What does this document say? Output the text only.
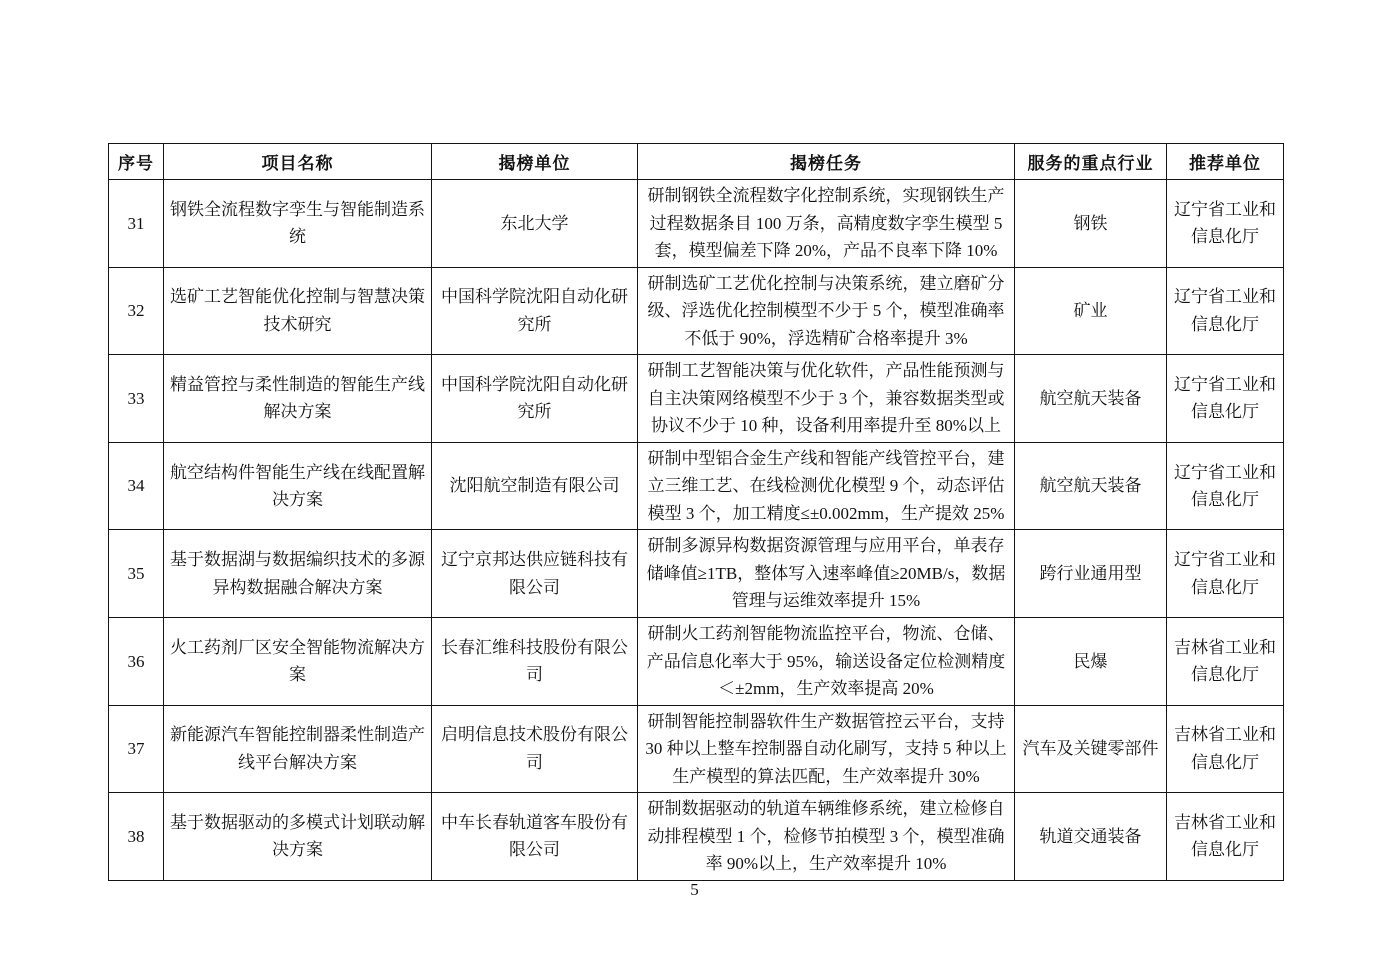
序号	项目名称	揭榜单位	揭榜任务	服务的重点行业	推荐单位
31	钢铁全流程数字孪生与智能制造系统	东北大学	研制钢铁全流程数字化控制系统，实现钢铁生产过程数据条目 100 万条，高精度数字孪生模型 5 套，模型偏差下降 20%，产品不良率下降 10%	钢铁	辽宁省工业和信息化厅
32	选矿工艺智能优化控制与智慧决策技术研究	中国科学院沈阳自动化研究所	研制选矿工艺优化控制与决策系统，建立磨矿分级、浮选优化控制模型不少于 5 个，模型准确率不低于 90%，浮选精矿合格率提升 3%	矿业	辽宁省工业和信息化厅
33	精益管控与柔性制造的智能生产线解决方案	中国科学院沈阳自动化研究所	研制工艺智能决策与优化软件，产品性能预测与自主决策网络模型不少于 3 个，兼容数据类型或协议不少于 10 种，设备利用率提升至 80%以上	航空航天装备	辽宁省工业和信息化厅
34	航空结构件智能生产线在线配置解决方案	沈阳航空制造有限公司	研制中型铝合金生产线和智能产线管控平台，建立三维工艺、在线检测优化模型 9 个，动态评估模型 3 个，加工精度≤±0.002mm，生产提效 25%	航空航天装备	辽宁省工业和信息化厅
35	基于数据湖与数据编织技术的多源异构数据融合解决方案	辽宁京邦达供应链科技有限公司	研制多源异构数据资源管理与应用平台，单表存储峰值≥1TB，整体写入速率峰值≥20MB/s，数据管理与运维效率提升 15%	跨行业通用型	辽宁省工业和信息化厅
36	火工药剂厂区安全智能物流解决方案	长春汇维科技股份有限公司	研制火工药剂智能物流监控平台，物流、仓储、产品信息化率大于 95%，输送设备定位检测精度＜±2mm，生产效率提高 20%	民爆	吉林省工业和信息化厅
37	新能源汽车智能控制器柔性制造产线平台解决方案	启明信息技术股份有限公司	研制智能控制器软件生产数据管控云平台，支持 30 种以上整车控制器自动化刷写，支持 5 种以上生产模型的算法匹配，生产效率提升 30%	汽车及关键零部件	吉林省工业和信息化厅
38	基于数据驱动的多模式计划联动解决方案	中车长春轨道客车股份有限公司	研制数据驱动的轨道车辆维修系统，建立检修自动排程模型 1 个，检修节拍模型 3 个，模型准确率 90%以上，生产效率提升 10%	轨道交通装备	吉林省工业和信息化厅
5
